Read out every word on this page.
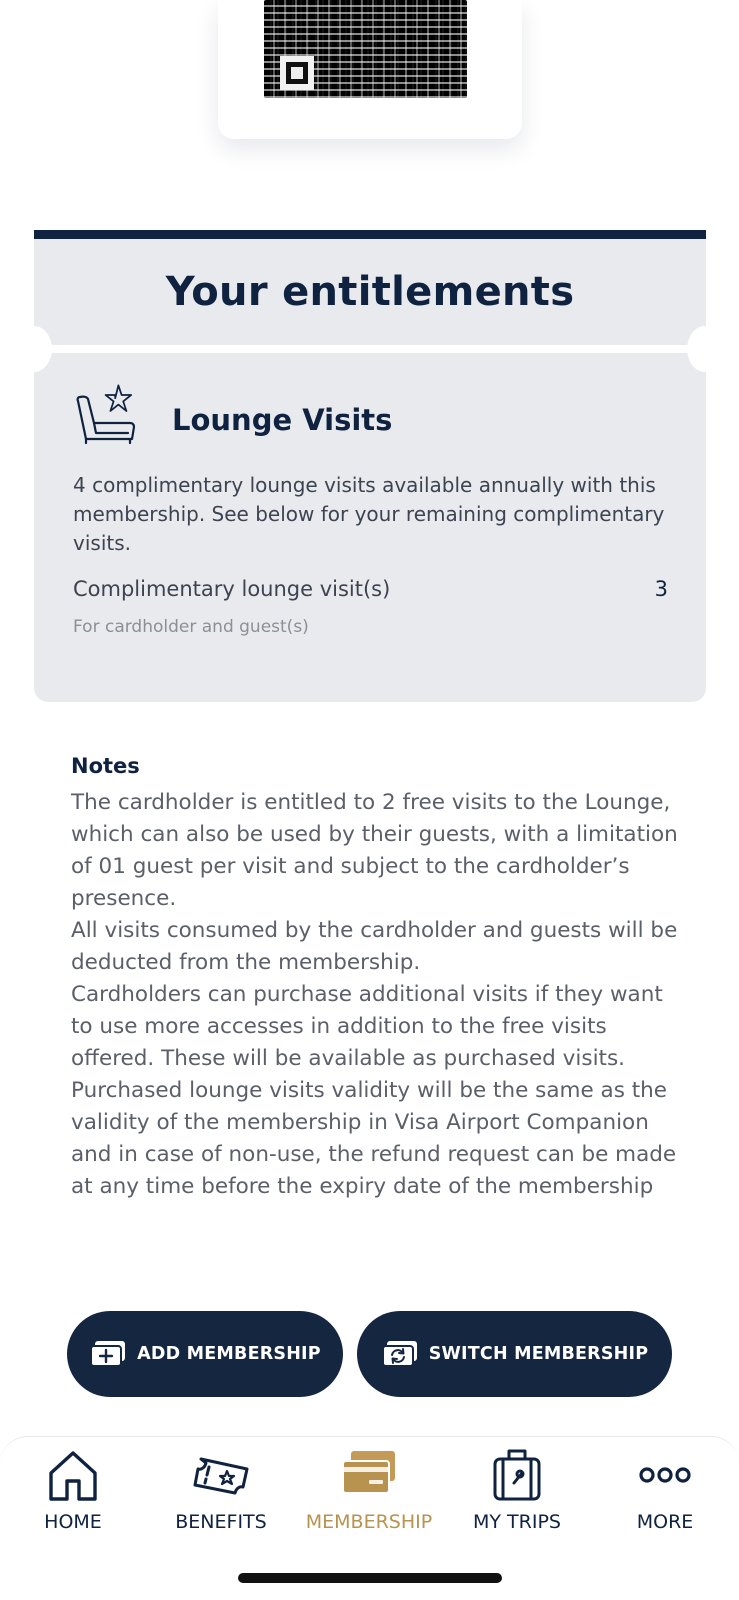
Your entitlements
Lounge Visits
4 complimentary lounge visits available annually with this membership. See below for your remaining complimentary visits.
Complimentary lounge visit(s)	3
For cardholder and guest(s)
Notes

The cardholder is entitled to 2 free visits to the Lounge, which can also be used by their guests, with a limitation of 01 guest per visit and subject to the cardholder’s presence.

All visits consumed by the cardholder and guests will be deducted from the membership.

Cardholders can purchase additional visits if they want to use more accesses in addition to the free visits offered. These will be available as purchased visits.

Purchased lounge visits validity will be the same as the validity of the membership in Visa Airport Companion and in case of non-use, the refund request can be made at any time before the expiry date of the membership

ADD MEMBERSHIP	SWITCH MEMBERSHIP
HOME	BENEFITS MEMBERSHIP MY TRIPS	MORE
